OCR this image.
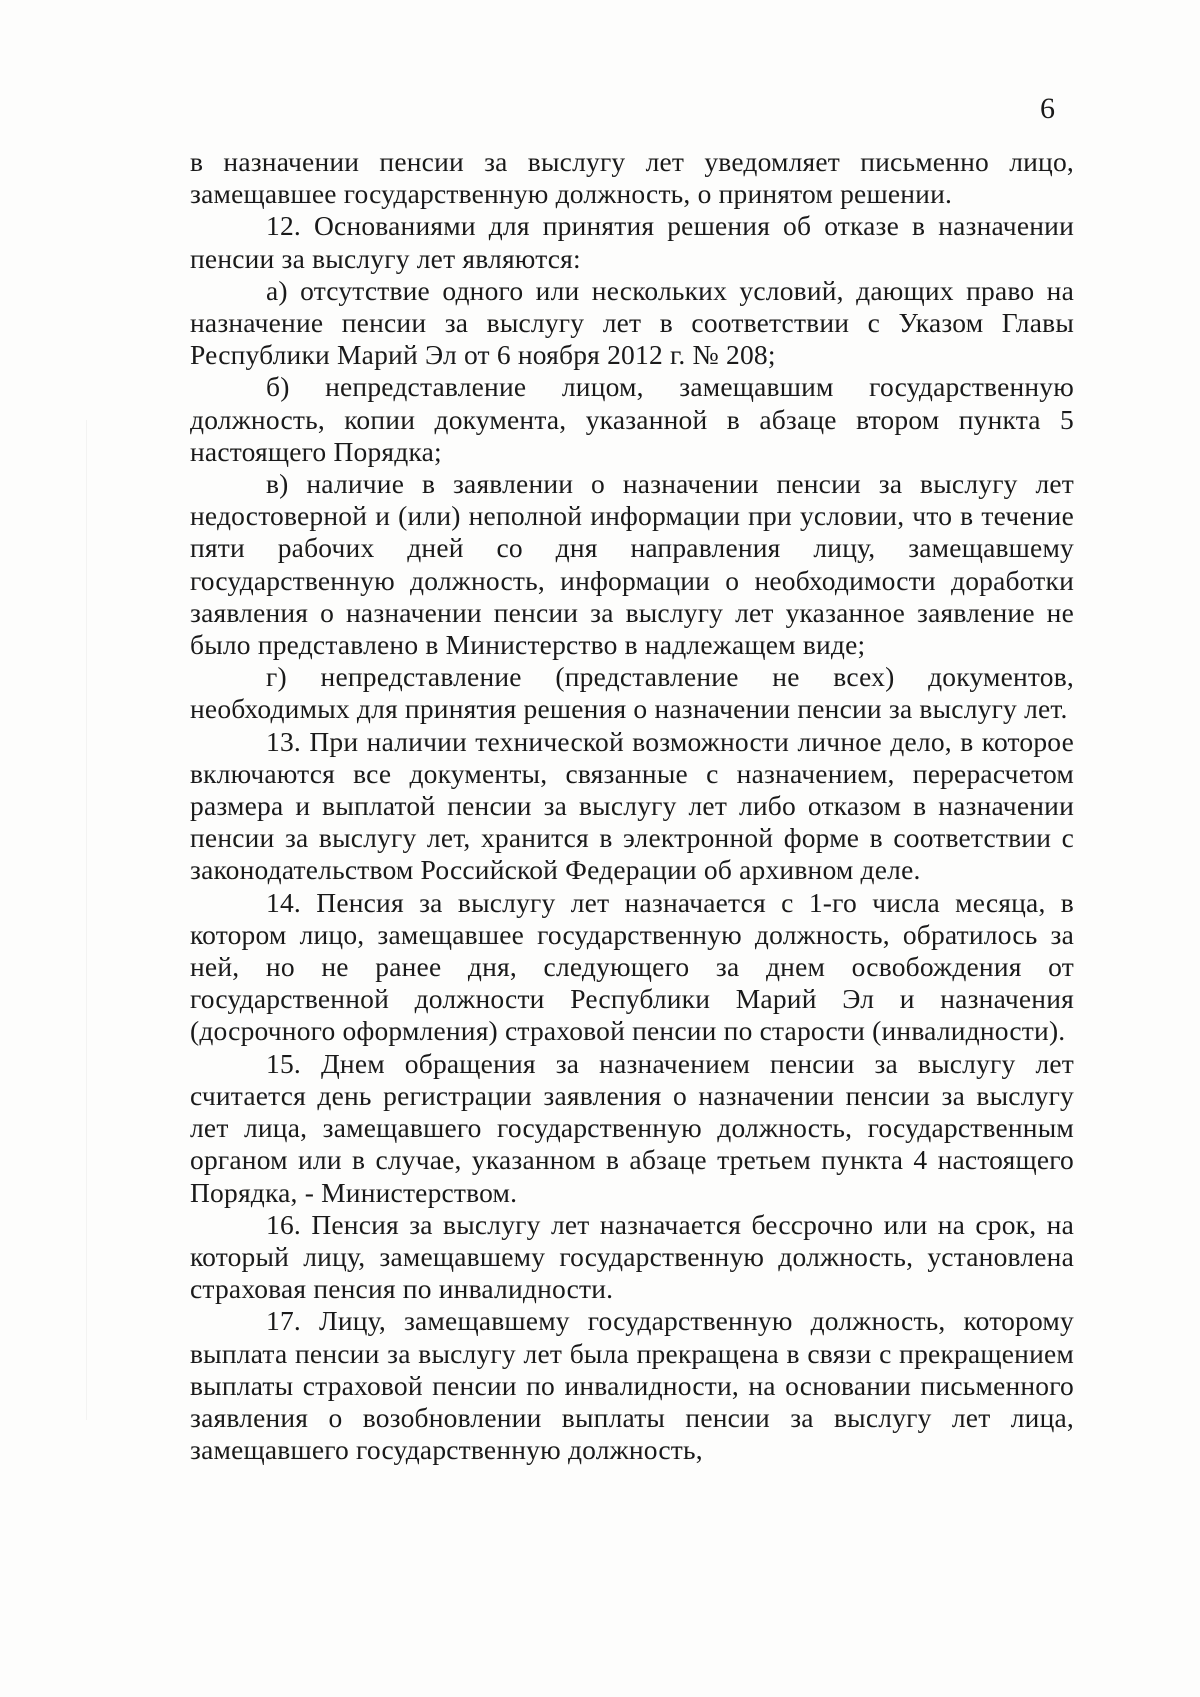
6

в назначении пенсии за выслугу лет уведомляет письменно лицо, замещавшее государственную должность, о принятом решении.

12. Основаниями для принятия решения об отказе в назначении пенсии за выслугу лет являются:

а) отсутствие одного или нескольких условий, дающих право на назначение пенсии за выслугу лет в соответствии с Указом Главы Республики Марий Эл от 6 ноября 2012 г. № 208;

б) непредставление лицом, замещавшим государственную должность, копии документа, указанной в абзаце втором пункта 5 настоящего Порядка;

в) наличие в заявлении о назначении пенсии за выслугу лет недостоверной и (или) неполной информации при условии, что в течение пяти рабочих дней со дня направления лицу, замещавшему государственную должность, информации о необходимости доработки заявления о назначении пенсии за выслугу лет указанное заявление не было представлено в Министерство в надлежащем виде;

г) непредставление (представление не всех) документов, необходимых для принятия решения о назначении пенсии за выслугу лет.

13. При наличии технической возможности личное дело, в которое включаются все документы, связанные с назначением, перерасчетом размера и выплатой пенсии за выслугу лет либо отказом в назначении пенсии за выслугу лет, хранится в электронной форме в соответствии с законодательством Российской Федерации об архивном деле.

14. Пенсия за выслугу лет назначается с 1-го числа месяца, в котором лицо, замещавшее государственную должность, обратилось за ней, но не ранее дня, следующего за днем освобождения от государственной должности Республики Марий Эл и назначения (досрочного оформления) страховой пенсии по старости (инвалидности).

15. Днем обращения за назначением пенсии за выслугу лет считается день регистрации заявления о назначении пенсии за выслугу лет лица, замещавшего государственную должность, государственным органом или в случае, указанном в абзаце третьем пункта 4 настоящего Порядка, - Министерством.

16. Пенсия за выслугу лет назначается бессрочно или на срок, на который лицу, замещавшему государственную должность, установлена страховая пенсия по инвалидности.

17. Лицу, замещавшему государственную должность, которому выплата пенсии за выслугу лет была прекращена в связи с прекращением выплаты страховой пенсии по инвалидности, на основании письменного заявления о возобновлении выплаты пенсии за выслугу лет лица, замещавшего государственную должность,
